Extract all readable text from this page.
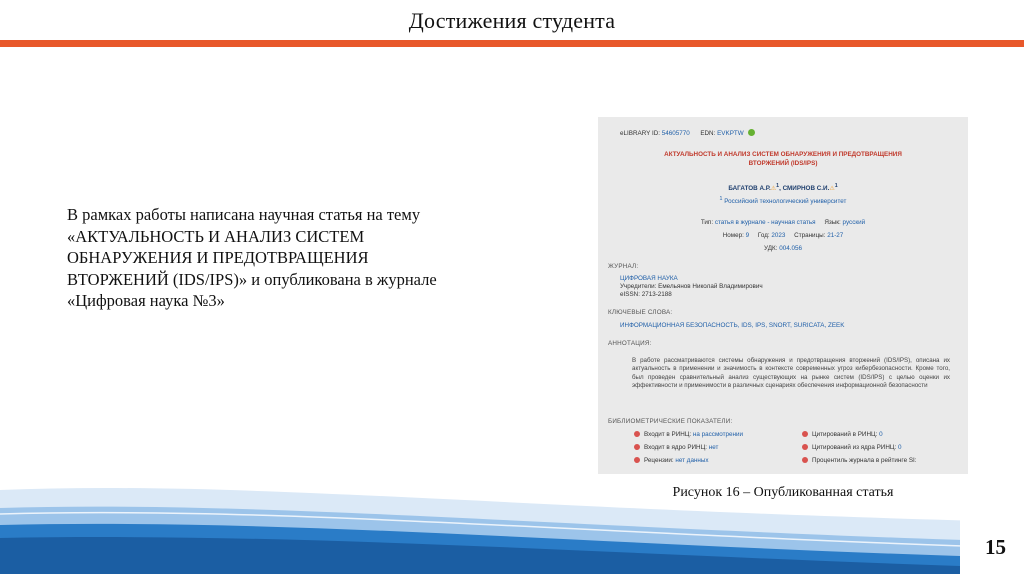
Достижения студента
В рамках работы написана научная статья на тему
«АКТУАЛЬНОСТЬ И АНАЛИЗ СИСТЕМ
ОБНАРУЖЕНИЯ И ПРЕДОТВРАЩЕНИЯ
ВТОРЖЕНИЙ (IDS/IPS)» и опубликована в журнале
«Цифровая наука №3»
eLIBRARY ID: 54605770 EDN: EVKPTW
АКТУАЛЬНОСТЬ И АНАЛИЗ СИСТЕМ ОБНАРУЖЕНИЯ И ПРЕДОТВРАЩЕНИЯ
ВТОРЖЕНИЙ (IDS/IPS)
БАГАТОВ А.Р.⚠$^1$, СМИРНОВ С.И.⚠$^1$
$^1$ Российский технологический университет
Тип: статья в журнале - научная статья Язык: русский
Номер: 9 Год: 2023 Страницы: 21-27
УДК: 004.056
ЖУРНАЛ:
ЦИФРОВАЯ НАУКА
Учредители: Емельянов Николай Владимирович
eISSN: 2713-2188
КЛЮЧЕВЫЕ СЛОВА:
ИНФОРМАЦИОННАЯ БЕЗОПАСНОСТЬ, IDS, IPS, SNORT, SURICATA, ZEEK
АННОТАЦИЯ:
В работе рассматриваются системы обнаружения и предотвращения вторжений (IDS/IPS), описана их актуальность в применении и значимость в контексте современных угроз кибербезопасности. Кроме того, был проведен сравнительный анализ существующих на рынке систем (IDS/IPS) с целью оценки их эффективности и применимости в различных сценариях обеспечения информационной безопасности
БИБЛИОМЕТРИЧЕСКИЕ ПОКАЗАТЕЛИ:
Входит в РИНЦ: на рассмотрении
Входит в ядро РИНЦ: нет
Рецензии: нет данных
Цитирований в РИНЦ: 0
Цитирований из ядра РИНЦ: 0
Процентиль журнала в рейтинге SI:
Рисунок 16 – Опубликованная статья
15
